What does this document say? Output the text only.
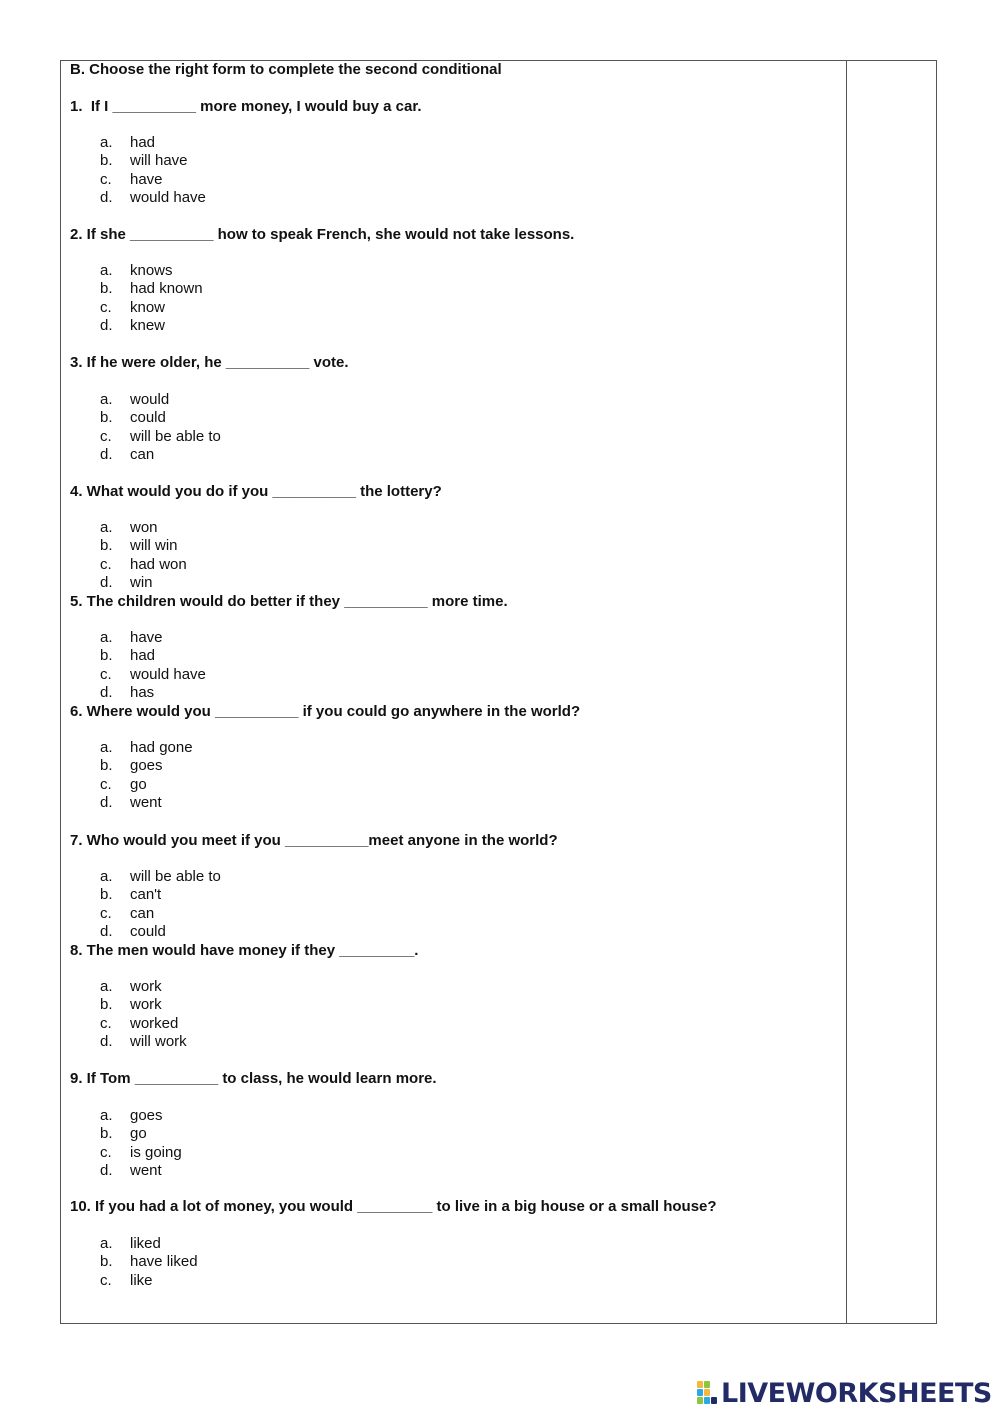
B. Choose the right form to complete the second conditional
1.  If I __________ more money, I would buy a car.
a. had
b. will have
c. have
d. would have
2. If she __________ how to speak French, she would not take lessons.
a. knows
b. had known
c. know
d. knew
3. If he were older, he __________ vote.
a. would
b. could
c. will be able to
d. can
4. What would you do if you __________ the lottery?
a. won
b. will win
c. had won
d. win
5. The children would do better if they __________ more time.
a. have
b. had
c. would have
d. has
6. Where would you __________ if you could go anywhere in the world?
a. had gone
b. goes
c. go
d. went
7. Who would you meet if you __________meet anyone in the world?
a. will be able to
b. can't
c. can
d. could
8. The men would have money if they _________.
a. work
b. work
c. worked
d. will work
9. If Tom __________ to class, he would learn more.
a. goes
b. go
c. is going
d. went
10. If you had a lot of money, you would _________ to live in a big house or a small house?
a. liked
b. have liked
c. like
LIVEWORKSHEETS
